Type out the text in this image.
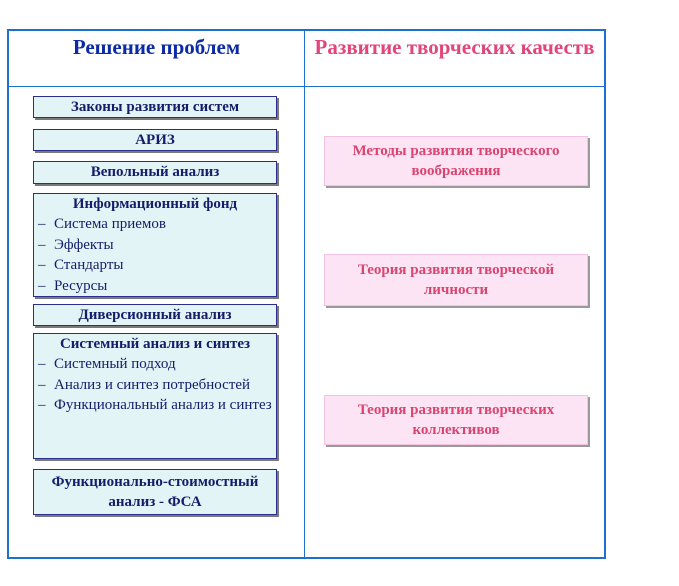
Решение проблем	Развитие творческих качеств
Законы развития систем
АРИЗ
Вепольный анализ
Информационный фонд
– Система приемов
– Эффекты
– Стандарты
– Ресурсы
Диверсионный анализ
Системный анализ и синтез
– Системный подход
– Анализ и синтез потребностей
– Функциональный анализ и синтез
Функционально-стоимостный анализ - ФСА
Методы развития творческого воображения
Теория развития творческой личности
Теория развития творческих коллективов
